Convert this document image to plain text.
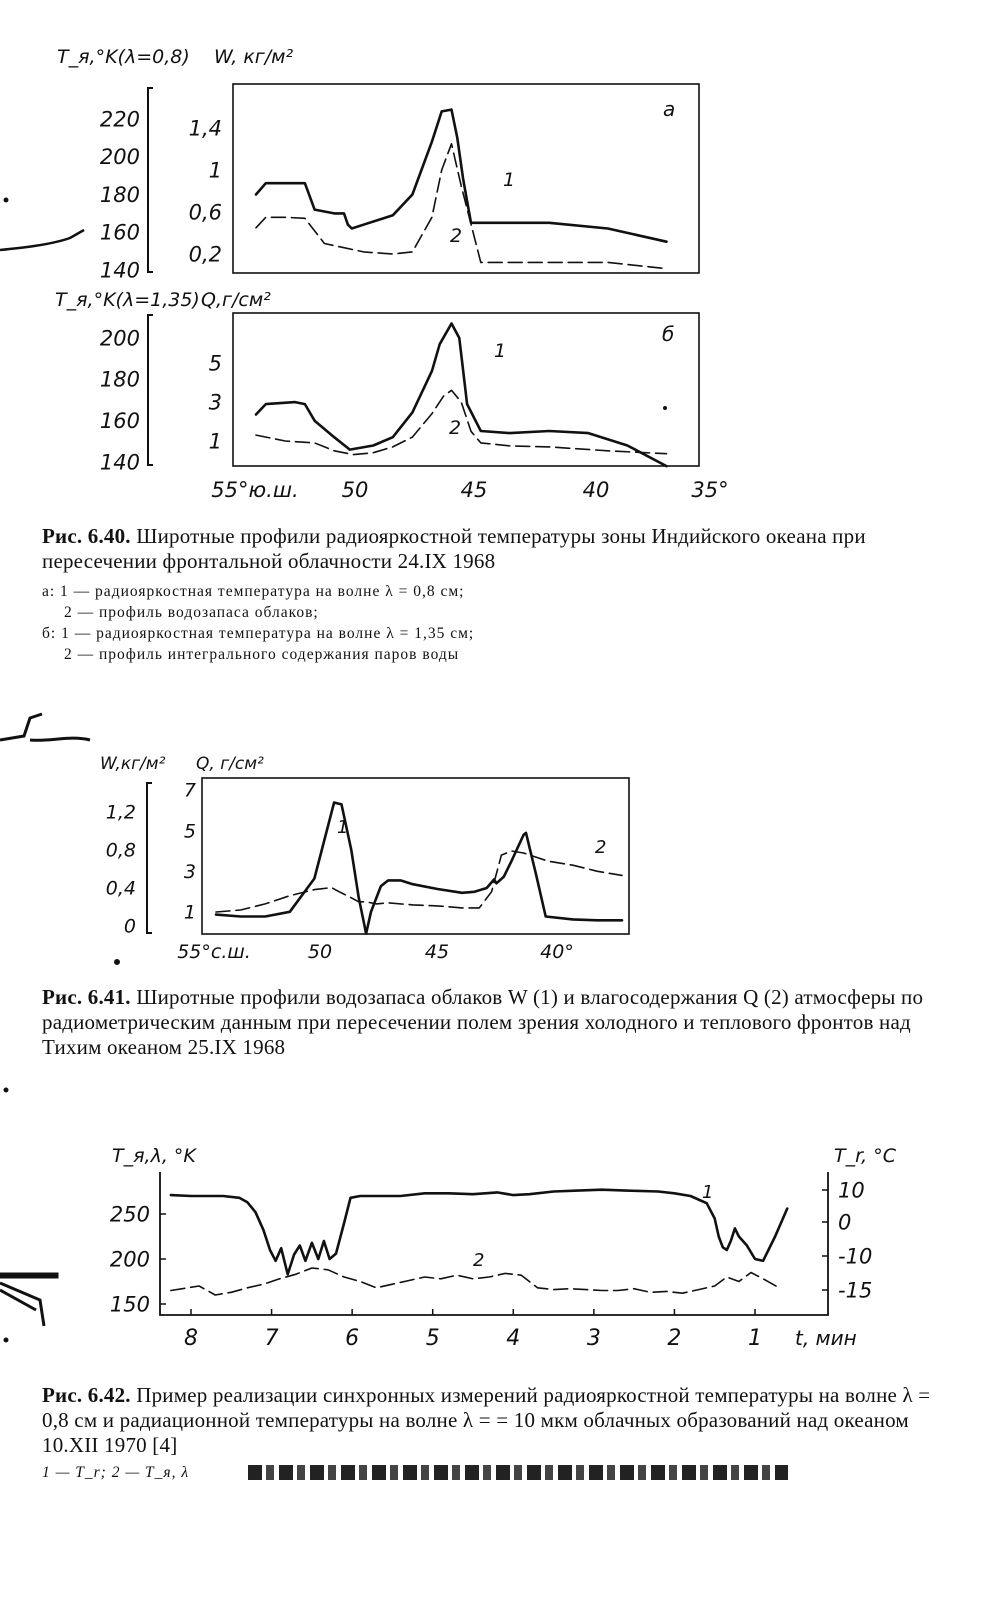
T_я,°K(λ=0,8) W, кг/м²
140
160
180
200
220
0,2
0,6
1
1,4
а
1
2
T_я,°K(λ=1,35) Q,г/см²
140
160
180
200
1
3
5
б
1
2
55°ю.ш. 50	45	40	35°
W,кг/м² Q, г/см²
0
0,4
0,8
1,2
1
3
5
7
55°с.ш.	50	45	40°
1
2
T_я,λ, °K	T_r, °C
150
200
250
10
0
-10
-15
8	7	6	5	4	3	2	1 t, мин
1
2
Рис. 6.40. Широтные профили радиояркостной температуры зоны Индийского океана при пересечении фронтальной облачности 24.IX 1968
а: 1 — радиояркостная температура на волне λ = 0,8 см;
2 — профиль водозапаса облаков;
б: 1 — радиояркостная температура на волне λ = 1,35 см;
2 — профиль интегрального содержания паров воды
Рис. 6.41. Широтные профили водозапаса облаков W (1) и влагосодержания Q (2) атмосферы по радиометрическим данным при пересечении полем зрения холодного и теплового фронтов над Тихим океаном 25.IX 1968
Рис. 6.42. Пример реализации синхронных измерений радиояркостной температуры на волне λ = 0,8 см и радиационной температуры на волне λ = = 10 мкм облачных образований над океаном 10.XII 1970 [4]
1 — T_r; 2 — T_я, λ
